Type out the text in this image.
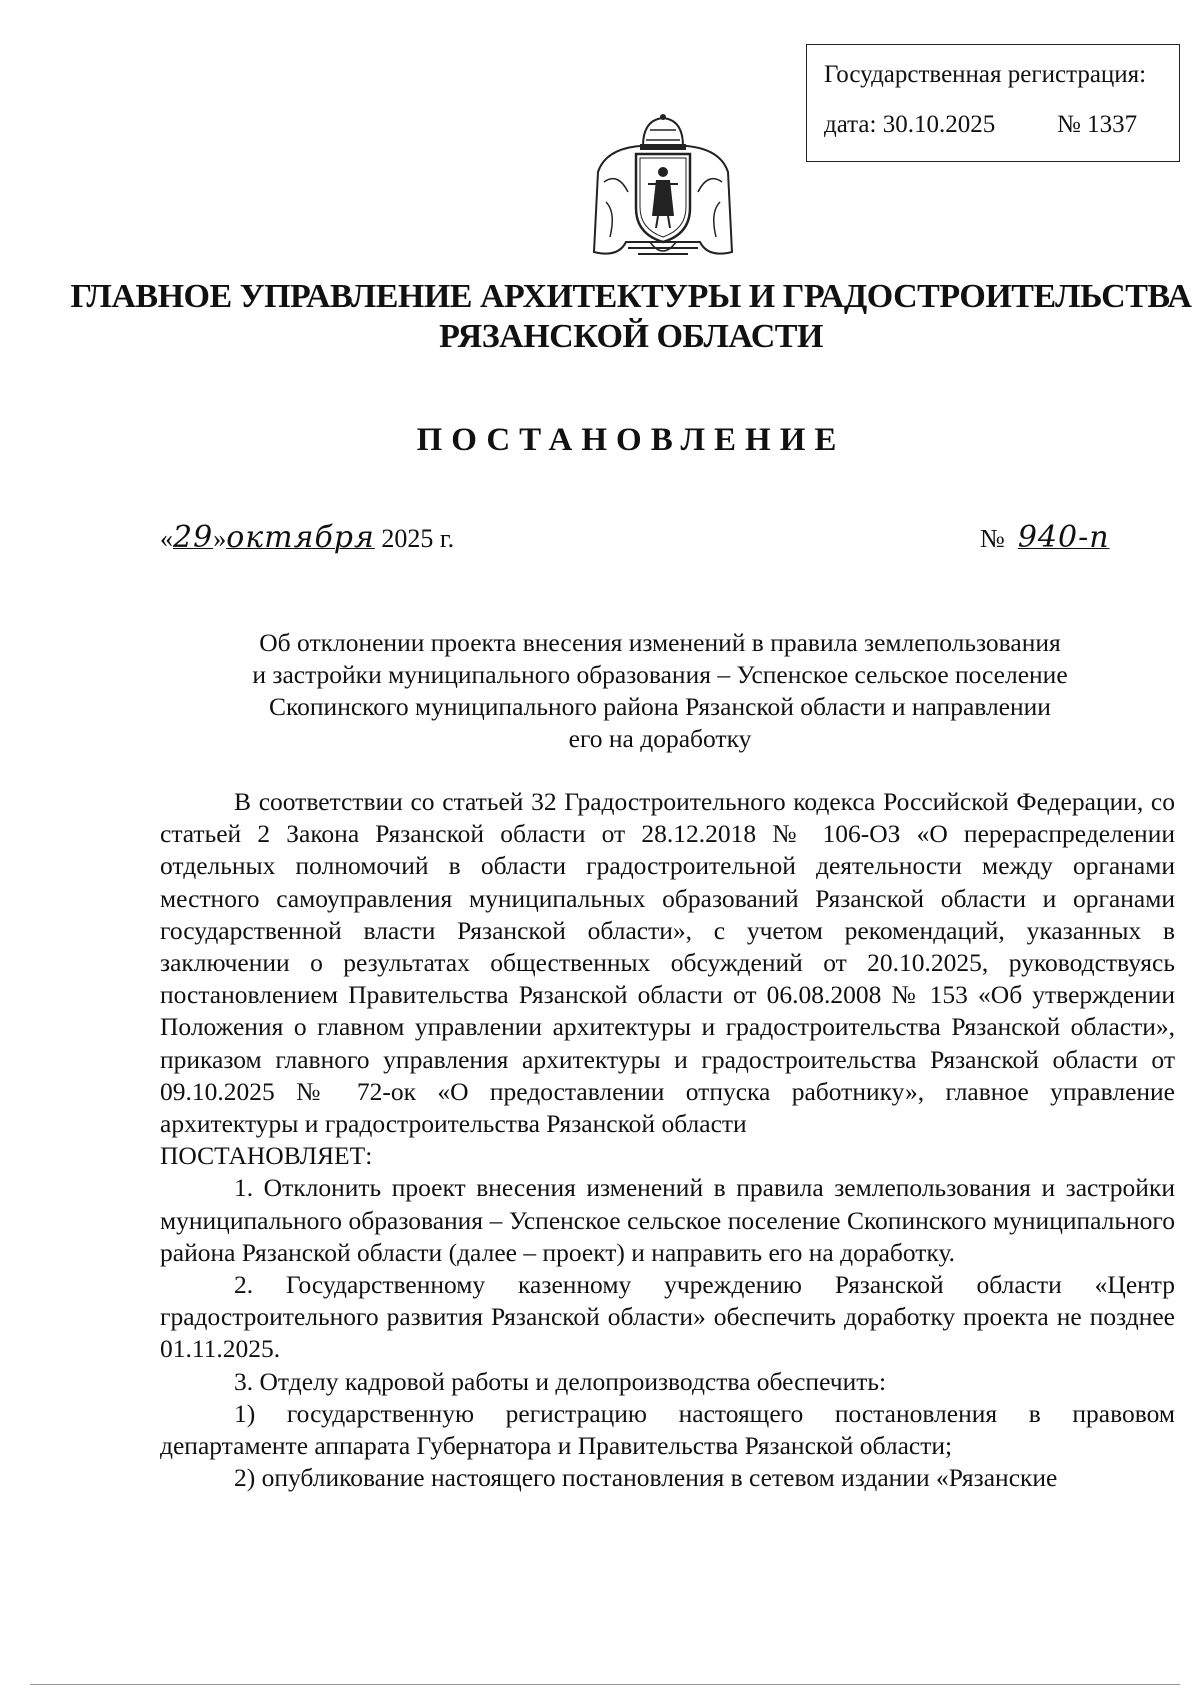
Государственная регистрация:
дата: 30.10.2025 № 1337
ГЛАВНОЕ УПРАВЛЕНИЕ АРХИТЕКТУРЫ И ГРАДОСТРОИТЕЛЬСТВА
РЯЗАНСКОЙ ОБЛАСТИ
ПОСТАНОВЛЕНИЕ
«29»октября 2025 г.	№ 940-п
Об отклонении проекта внесения изменений в правила землепользования
и застройки муниципального образования – Успенское сельское поселение
Скопинского муниципального района Рязанской области и направлении
его на доработку

В соответствии со статьей 32 Градостроительного кодекса Российской Федерации, со статьей 2 Закона Рязанской области от 28.12.2018 № 106-ОЗ «О перераспределении отдельных полномочий в области градостроительной деятельности между органами местного самоуправления муниципальных образований Рязанской области и органами государственной власти Рязанской области», с учетом рекомендаций, указанных в заключении о результатах общественных обсуждений от 20.10.2025, руководствуясь постановлением Правительства Рязанской области от 06.08.2008 № 153 «Об утверждении Положения о главном управлении архитектуры и градостроительства Рязанской области», приказом главного управления архитектуры и градостроительства Рязанской области от 09.10.2025 № 72-ок «О предоставлении отпуска работнику», главное управление архитектуры и градостроительства Рязанской области

ПОСТАНОВЛЯЕТ:

1. Отклонить проект внесения изменений в правила землепользования и застройки муниципального образования – Успенское сельское поселение Скопинского муниципального района Рязанской области (далее – проект) и направить его на доработку.

2. Государственному казенному учреждению Рязанской области «Центр градостроительного развития Рязанской области» обеспечить доработку проекта не позднее 01.11.2025.

3. Отделу кадровой работы и делопроизводства обеспечить:

1) государственную регистрацию настоящего постановления в правовом департаменте аппарата Губернатора и Правительства Рязанской области;

2) опубликование настоящего постановления в сетевом издании «Рязанские
